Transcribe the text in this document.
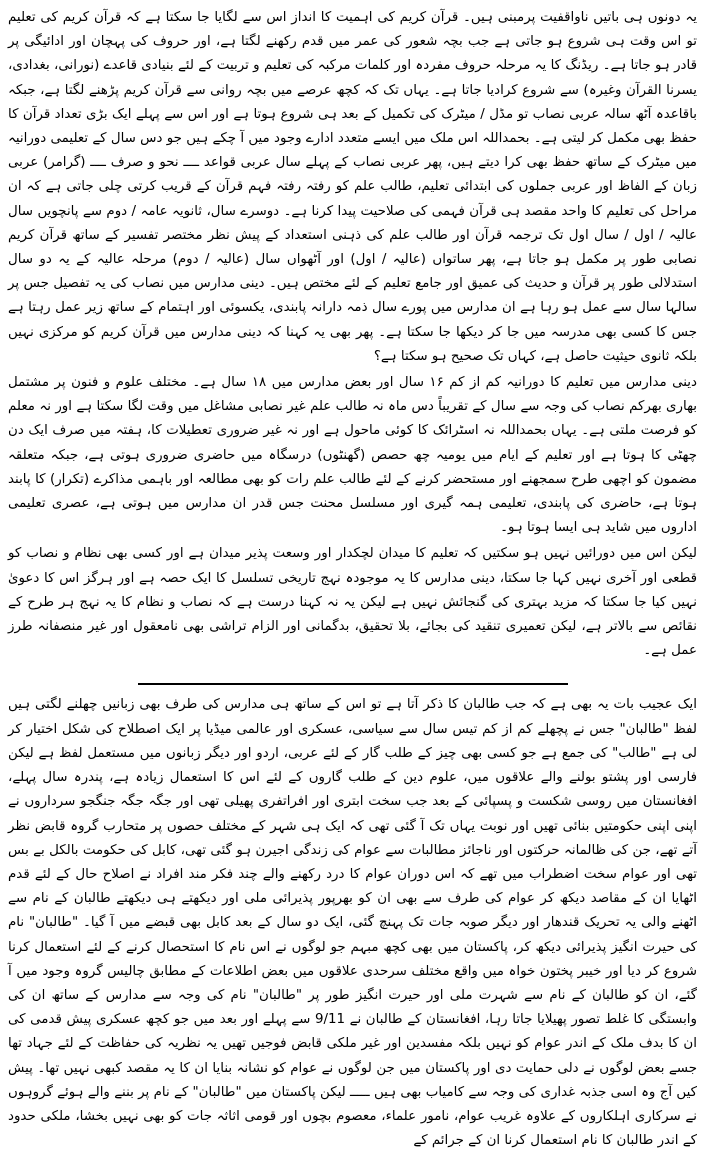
یہ دونوں ہی باتیں ناواقفیت پرمبنی ہیں۔ قرآن کریم کی اہمیت کا انداز اس سے لگایا جا سکتا ہے کہ قرآن کریم کی تعلیم تو اس وقت ہی شروع ہو جاتی ہے جب بچہ شعور کی عمر میں قدم رکھنے لگتا ہے، اور حروف کی پہچان اور ادائیگی پر قادر ہو جاتا ہے۔ ریڈنگ کا یہ مرحلہ حروف مفردہ اور کلمات مرکبہ کی تعلیم و تربیت کے لئے بنیادی قاعدے (نورانی، بغدادی، یسرنا القرآن وغیرہ) سے شروع کرادیا جاتا ہے۔ یہاں تک کہ کچھ عرصے میں بچہ روانی سے قرآن کریم پڑھنے لگتا ہے، جبکہ باقاعدہ آٹھ سالہ عربی نصاب تو مڈل / میٹرک کی تکمیل کے بعد ہی شروع ہوتا ہے اور اس سے پہلے ایک بڑی تعداد قرآن کا حفظ بھی مکمل کر لیتی ہے۔ بحمداللہ اس ملک میں ایسے متعدد ادارے وجود میں آ چکے ہیں جو دس سال کے تعلیمی دورانیہ میں میٹرک کے ساتھ حفظ بھی کرا دیتے ہیں، پھر عربی نصاب کے پہلے سال عربی قواعد ــــ نحو و صرف ــــ (گرامر) عربی زبان کے الفاظ اور عربی جملوں کی ابتدائی تعلیم، طالب علم کو رفتہ رفتہ فہم قرآن کے قریب کرتی چلی جاتی ہے کہ ان مراحل کی تعلیم کا واحد مقصد ہی قرآن فہمی کی صلاحیت پیدا کرنا ہے۔ دوسرے سال، ثانویہ عامہ / دوم سے پانچویں سال عالیہ / اول / سال اول تک ترجمہ قرآن اور طالب علم کی ذہنی استعداد کے پیش نظر مختصر تفسیر کے ساتھ قرآن کریم نصابی طور پر مکمل ہو جاتا ہے، پھر ساتواں (عالیہ / اول) اور آٹھواں سال (عالیہ / دوم) مرحلہ عالیہ کے یہ دو سال استدلالی طور پر قرآن و حدیث کی عمیق اور جامع تعلیم کے لئے مختص ہیں۔ دینی مدارس میں نصاب کی یہ تفصیل جس پر سالہا سال سے عمل ہو رہا ہے ان مدارس میں پورے سال ذمہ دارانہ پابندی، یکسوئی اور اہتمام کے ساتھ زیر عمل رہتا ہے جس کا کسی بھی مدرسہ میں جا کر دیکھا جا سکتا ہے۔ پھر بھی یہ کہنا کہ دینی مدارس میں قرآن کریم کو مرکزی نہیں بلکہ ثانوی حیثیت حاصل ہے، کہاں تک صحیح ہو سکتا ہے؟

دینی مدارس میں تعلیم کا دورانیہ کم از کم ۱۶ سال اور بعض مدارس میں ۱۸ سال ہے۔ مختلف علوم و فنون پر مشتمل بھاری بھرکم نصاب کی وجہ سے سال کے تقریباً دس ماہ نہ طالب علم غیر نصابی مشاغل میں وقت لگا سکتا ہے اور نہ معلم کو فرصت ملتی ہے۔ یہاں بحمداللہ نہ اسٹرائک کا کوئی ماحول ہے اور نہ غیر ضروری تعطیلات کا، ہفتہ میں صرف ایک دن چھٹی کا ہوتا ہے اور تعلیم کے ایام میں یومیہ چھ حصص (گھنٹوں) درسگاہ میں حاضری ضروری ہوتی ہے، جبکہ متعلقہ مضمون کو اچھی طرح سمجھنے اور مستحضر کرنے کے لئے طالب علم رات کو بھی مطالعہ اور باہمی مذاکرے (تکرار) کا پابند ہوتا ہے، حاضری کی پابندی، تعلیمی ہمہ گیری اور مسلسل محنت جس قدر ان مدارس میں ہوتی ہے، عصری تعلیمی اداروں میں شاید ہی ایسا ہوتا ہو۔

لیکن اس میں دورائیں نہیں ہو سکتیں کہ تعلیم کا میدان لچکدار اور وسعت پذیر میدان ہے اور کسی بھی نظام و نصاب کو قطعی اور آخری نہیں کہا جا سکتا، دینی مدارس کا یہ موجودہ نہج تاریخی تسلسل کا ایک حصہ ہے اور ہرگز اس کا دعویٰ نہیں کیا جا سکتا کہ مزید بہتری کی گنجائش نہیں ہے لیکن یہ نہ کہنا درست ہے کہ نصاب و نظام کا یہ نہج ہر طرح کے نقائص سے بالاتر ہے، لیکن تعمیری تنقید کی بجائے، بلا تحقیق، بدگمانی اور الزام تراشی بھی نامعقول اور غیر منصفانہ طرز عمل ہے۔

ایک عجیب بات یہ بھی ہے کہ جب طالبان کا ذکر آتا ہے تو اس کے ساتھ ہی مدارس کی طرف بھی زبانیں چھلنے لگتی ہیں لفظ "طالبان" جس نے پچھلے کم از کم تیس سال سے سیاسی، عسکری اور عالمی میڈیا پر ایک اصطلاح کی شکل اختیار کر لی ہے "طالب" کی جمع ہے جو کسی بھی چیز کے طلب گار کے لئے عربی، اردو اور دیگر زبانوں میں مستعمل لفظ ہے لیکن فارسی اور پشتو بولنے والے علاقوں میں، علوم دین کے طلب گاروں کے لئے اس کا استعمال زیادہ ہے، پندرہ سال پہلے، افغانستان میں روسی شکست و پسپائی کے بعد جب سخت ابتری اور افراتفری پھیلی تھی اور جگہ جگہ جنگجو سرداروں نے اپنی اپنی حکومتیں بنائی تھیں اور نوبت یہاں تک آ گئی تھی کہ ایک ہی شہر کے مختلف حصوں پر متحارب گروہ قابض نظر آتے تھے، جن کی ظالمانہ حرکتوں اور ناجائز مطالبات سے عوام کی زندگی اجیرن ہو گئی تھی، کابل کی حکومت بالکل بے بس تھی اور عوام سخت اضطراب میں تھے کہ اس دوران عوام کا درد رکھنے والے چند فکر مند افراد نے اصلاح حال کے لئے قدم اٹھایا ان کے مقاصد دیکھ کر عوام کی طرف سے بھی ان کو بھرپور پذیرائی ملی اور دیکھتے ہی دیکھتے طالبان کے نام سے اٹھنے والی یہ تحریک قندھار اور دیگر صوبہ جات تک پہنچ گئی، ایک دو سال کے بعد کابل بھی قبضے میں آ گیا۔ "طالبان" نام کی حیرت انگیز پذیرائی دیکھ کر، پاکستان میں بھی کچھ مبہم جو لوگوں نے اس نام کا استحصال کرنے کے لئے استعمال کرنا شروع کر دیا اور خیبر پختون خواہ میں واقع مختلف سرحدی علاقوں میں بعض اطلاعات کے مطابق چالیس گروہ وجود میں آ گئے، ان کو طالبان کے نام سے شہرت ملی اور حیرت انگیز طور پر "طالبان" نام کی وجہ سے مدارس کے ساتھ ان کی وابستگی کا غلط تصور پھیلایا جاتا رہا، افغانستان کے طالبان نے 9/11 سے پہلے اور بعد میں جو کچھ عسکری پیش قدمی کی ان کا بدف ملک کے اندر عوام کو نہیں بلکہ مفسدین اور غیر ملکی قابض فوجیں تھیں یہ نظریہ کی حفاظت کے لئے جہاد تھا جسے بعض لوگوں نے دلی حمایت دی اور پاکستان میں جن لوگوں نے عوام کو نشانہ بنایا ان کا یہ مقصد کبھی نہیں تھا۔ پیش کیں آج وہ اسی جذبہ غداری کی وجہ سے کامیاب بھی ہیں ـــــ لیکن پاکستان میں "طالبان" کے نام پر بننے والے ہوئے گروہوں نے سرکاری اہلکاروں کے علاوہ غریب عوام، نامور علماء، معصوم بچوں اور قومی اثاثہ جات کو بھی نہیں بخشا، ملکی حدود کے اندر طالبان کا نام استعمال کرنا ان کے جرائم کے
